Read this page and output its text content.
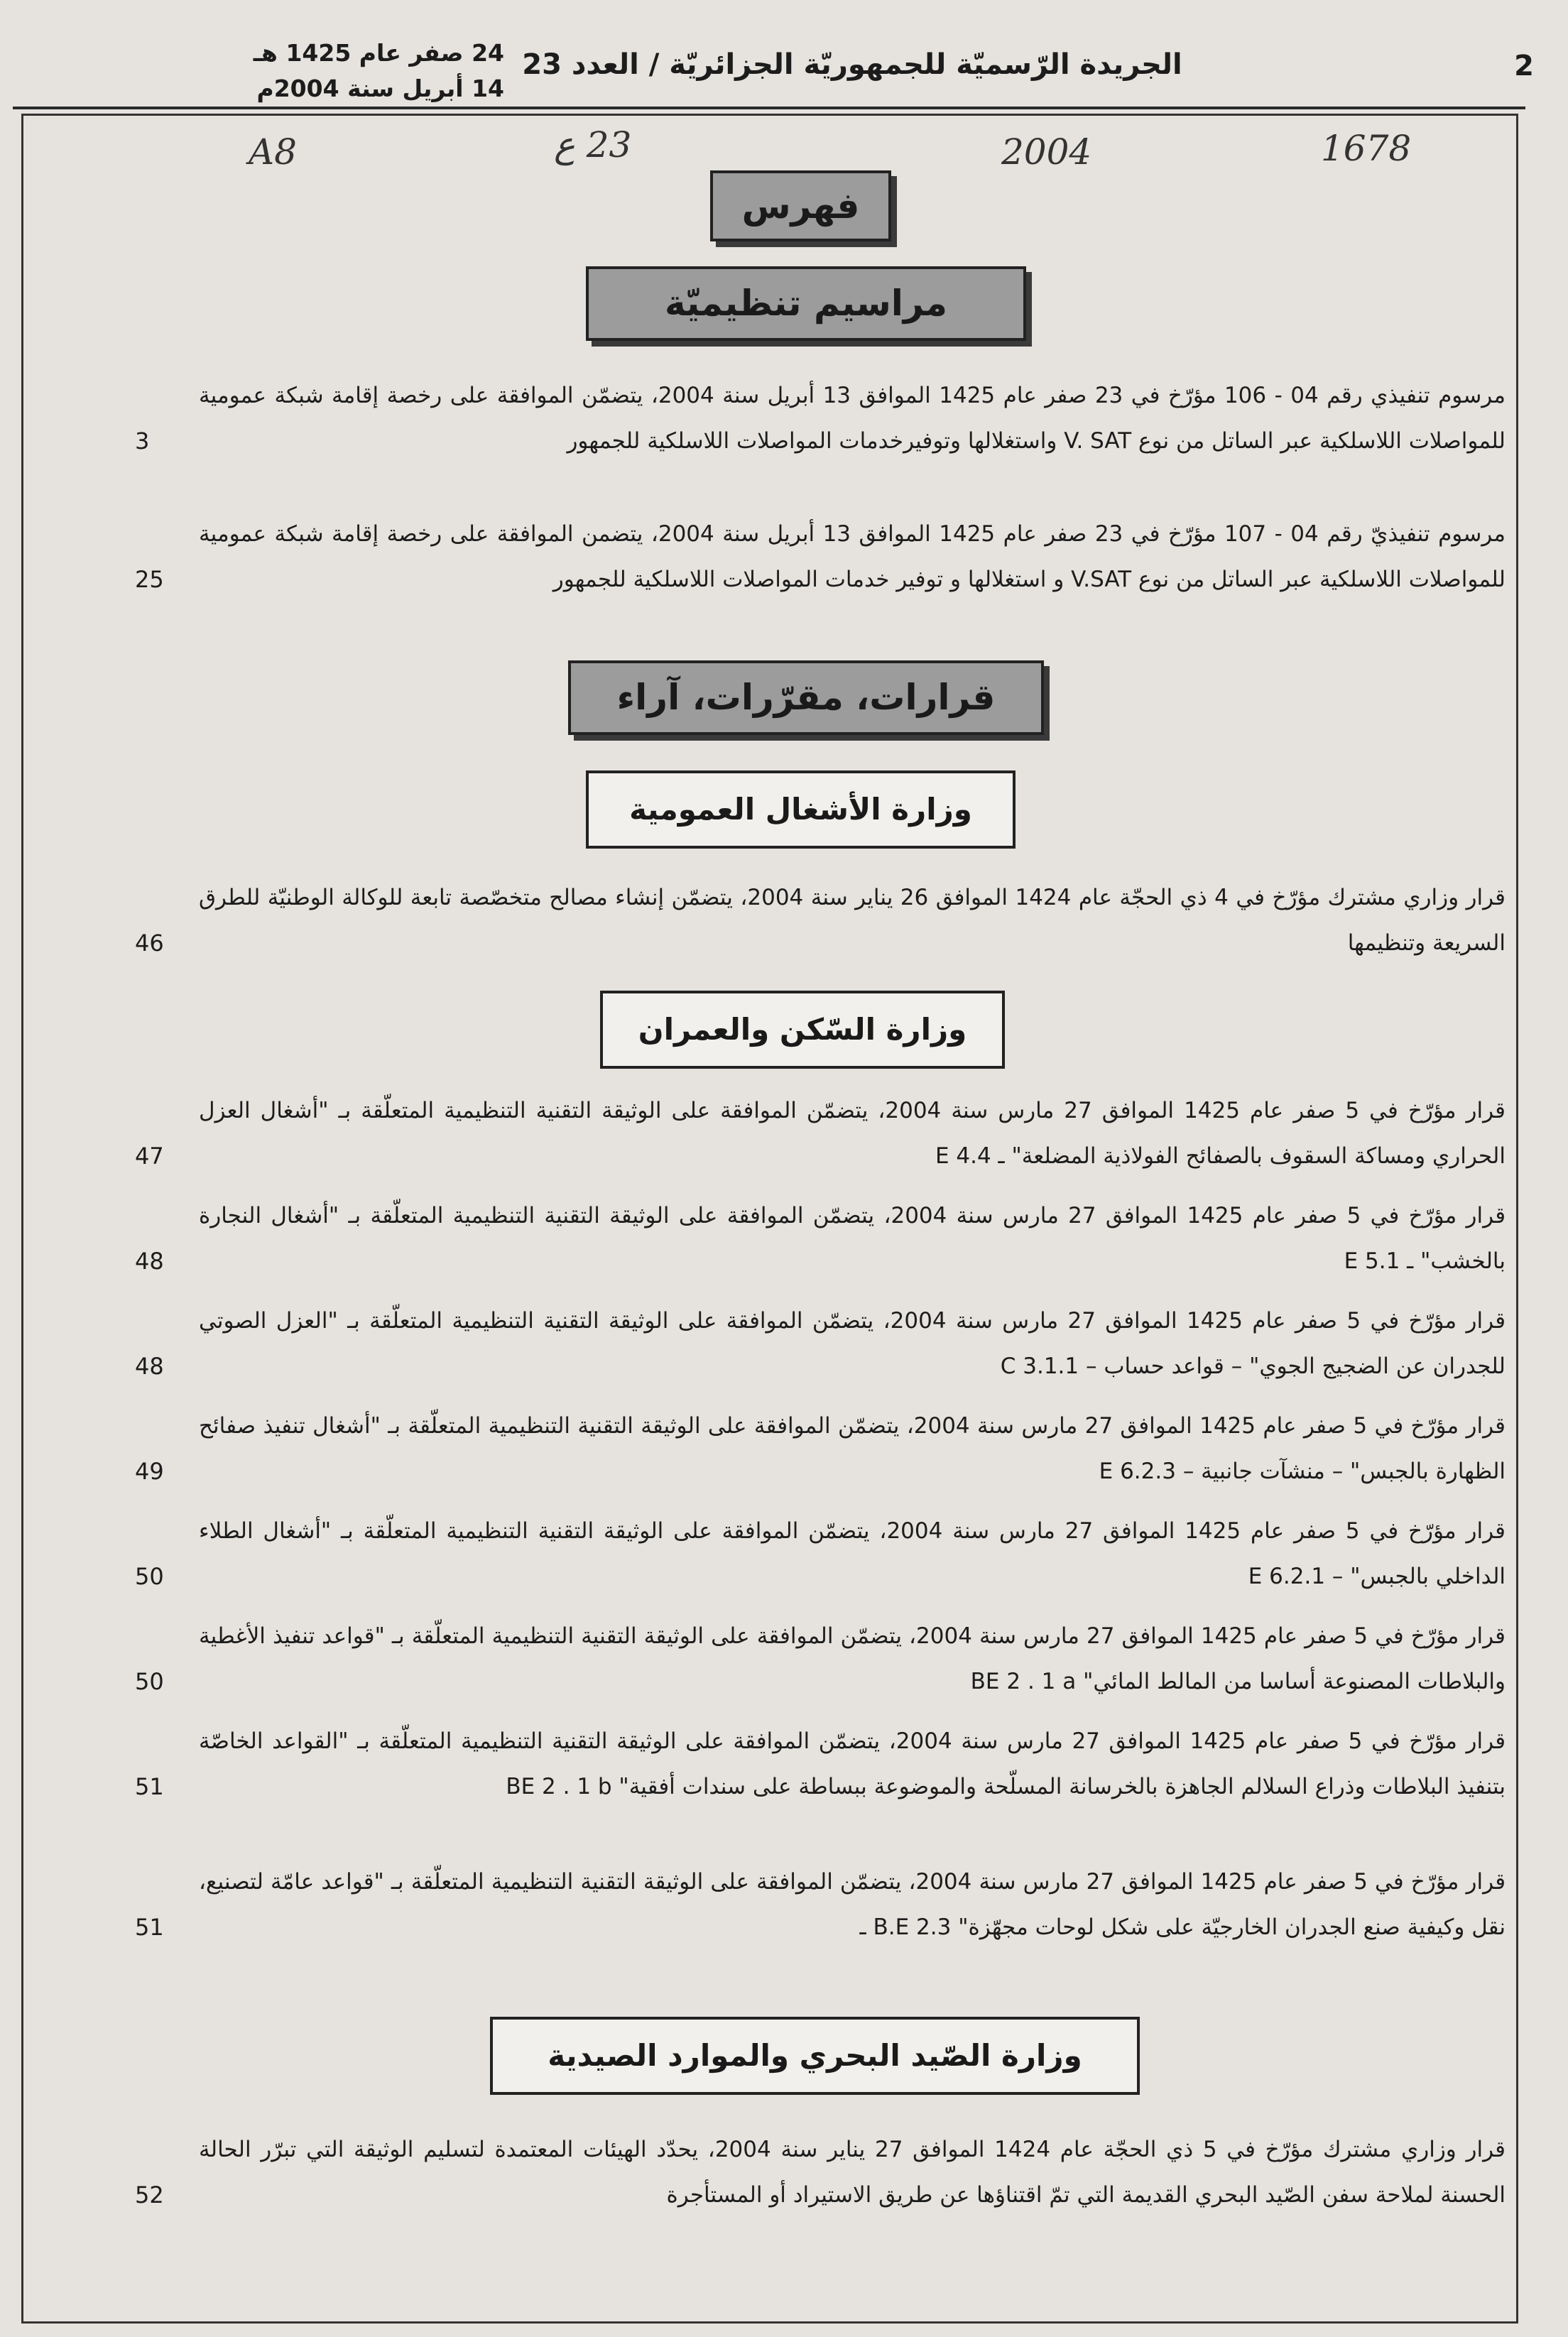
2
الجريدة الرّسميّة للجمهوريّة الجزائريّة / العدد 23
24 صفر عام 1425 هـ
14 أبريل سنة 2004م
A8	23 ع	2004	1678
فهرس
مراسيم تنظيميّة
مرسوم تنفيذي رقم 04 - 106 مؤرّخ في 23 صفر عام 1425 الموافق 13 أبريل سنة 2004، يتضمّن الموافقة على رخصة إقامة شبكة عمومية للمواصلات اللاسلكية عبر الساتل من نوع V. SAT واستغلالها وتوفيرخدمات المواصلات اللاسلكية للجمهور
3
مرسوم تنفيذيّ رقم 04 - 107 مؤرّخ في 23 صفر عام 1425 الموافق 13 أبريل سنة 2004، يتضمن الموافقة على رخصة إقامة شبكة عمومية للمواصلات اللاسلكية عبر الساتل من نوع V.SAT و استغلالها و توفير خدمات المواصلات اللاسلكية للجمهور
25
قرارات، مقرّرات، آراء
وزارة الأشغال العمومية
قرار وزاري مشترك مؤرّخ في 4 ذي الحجّة عام 1424 الموافق 26 يناير سنة 2004، يتضمّن إنشاء مصالح متخصّصة تابعة للوكالة الوطنيّة للطرق السريعة وتنظيمها
46
وزارة السّكن والعمران
قرار مؤرّخ في 5 صفر عام 1425 الموافق 27 مارس سنة 2004، يتضمّن الموافقة على الوثيقة التقنية التنظيمية المتعلّقة بـ "أشغال العزل الحراري ومساكة السقوف بالصفائح الفولاذية المضلعة" ـ E 4.4
47
قرار مؤرّخ في 5 صفر عام 1425 الموافق 27 مارس سنة 2004، يتضمّن الموافقة على الوثيقة التقنية التنظيمية المتعلّقة بـ "أشغال النجارة بالخشب" ـ E 5.1
48
قرار مؤرّخ في 5 صفر عام 1425 الموافق 27 مارس سنة 2004، يتضمّن الموافقة على الوثيقة التقنية التنظيمية المتعلّقة بـ "العزل الصوتي للجدران عن الضجيج الجوي" – قواعد حساب – C 3.1.1
48
قرار مؤرّخ في 5 صفر عام 1425 الموافق 27 مارس سنة 2004، يتضمّن الموافقة على الوثيقة التقنية التنظيمية المتعلّقة بـ "أشغال تنفيذ صفائح الظهارة بالجبس" – منشآت جانبية – E 6.2.3
49
قرار مؤرّخ في 5 صفر عام 1425 الموافق 27 مارس سنة 2004، يتضمّن الموافقة على الوثيقة التقنية التنظيمية المتعلّقة بـ "أشغال الطلاء الداخلي بالجبس" – E 6.2.1
50
قرار مؤرّخ في 5 صفر عام 1425 الموافق 27 مارس سنة 2004، يتضمّن الموافقة على الوثيقة التقنية التنظيمية المتعلّقة بـ "قواعد تنفيذ الأغطية والبلاطات المصنوعة أساسا من المالط المائي" BE 2 . 1 a
50
قرار مؤرّخ في 5 صفر عام 1425 الموافق 27 مارس سنة 2004، يتضمّن الموافقة على الوثيقة التقنية التنظيمية المتعلّقة بـ "القواعد الخاصّة بتنفيذ البلاطات وذراع السلالم الجاهزة بالخرسانة المسلّحة والموضوعة ببساطة على سندات أفقية" BE 2 . 1 b
51
قرار مؤرّخ في 5 صفر عام 1425 الموافق 27 مارس سنة 2004، يتضمّن الموافقة على الوثيقة التقنية التنظيمية المتعلّقة بـ "قواعد عامّة لتصنيع، نقل وكيفية صنع الجدران الخارجيّة على شكل لوحات مجهّزة" B.E 2.3 ـ
51
وزارة الصّيد البحري والموارد الصيدية
قرار وزاري مشترك مؤرّخ في 5 ذي الحجّة عام 1424 الموافق 27 يناير سنة 2004، يحدّد الهيئات المعتمدة لتسليم الوثيقة التي تبرّر الحالة الحسنة لملاحة سفن الصّيد البحري القديمة التي تمّ اقتناؤها عن طريق الاستيراد أو المستأجرة
52
